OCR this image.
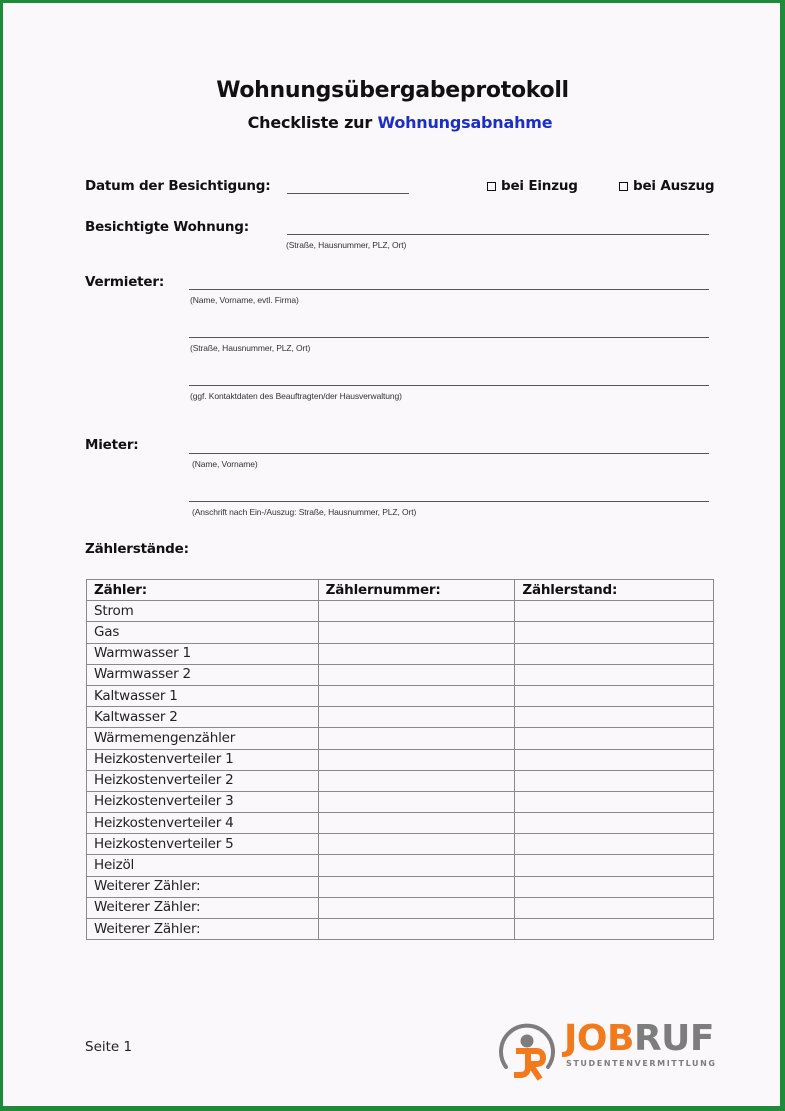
Wohnungsübergabeprotokoll
Checkliste zur Wohnungsabnahme
Datum der Besichtigung:	bei Einzug	bei Auszug
Besichtigte Wohnung:
(Straße, Hausnummer, PLZ, Ort)
Vermieter:
(Name, Vorname, evtl. Firma)
(Straße, Hausnummer, PLZ, Ort)
(ggf. Kontaktdaten des Beauftragten/der Hausverwaltung)
Mieter:
(Name, Vorname)
(Anschrift nach Ein-/Auszug: Straße, Hausnummer, PLZ, Ort)
Zählerstände:
Zähler:	Zählernummer:	Zählerstand:
Strom		
Gas		
Warmwasser 1		
Warmwasser 2		
Kaltwasser 1		
Kaltwasser 2		
Wärmemengenzähler		
Heizkostenverteiler 1		
Heizkostenverteiler 2		
Heizkostenverteiler 3		
Heizkostenverteiler 4		
Heizkostenverteiler 5		
Heizöl		
Weiterer Zähler:		
Weiterer Zähler:		
Weiterer Zähler:		
Seite 1	JOBRUF
STUDENTENVERMITTLUNG
